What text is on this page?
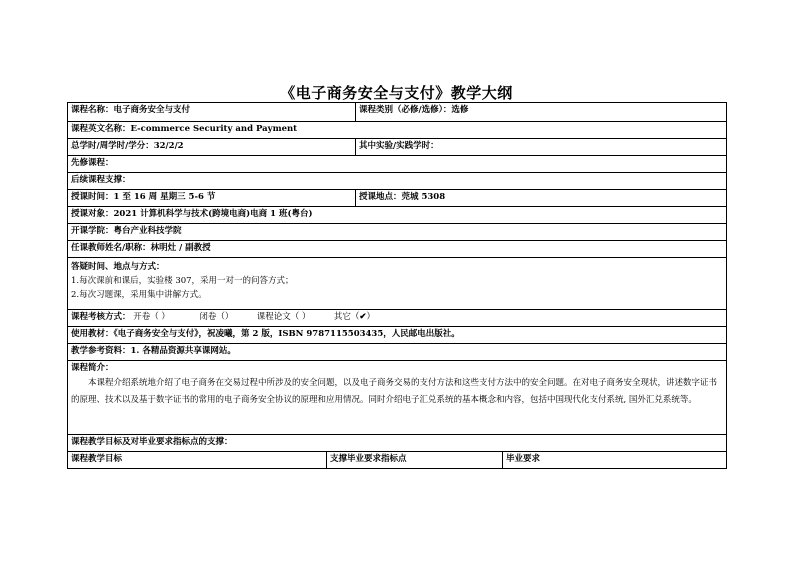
《电子商务安全与支付》教学大纲
课程名称：电子商务安全与支付	课程类别（必修/选修）：选修
课程英文名称：E-commerce Security and Payment
总学时/周学时/学分：32/2/2	其中实验/实践学时：
先修课程：
后续课程支撑：
授课时间：1 至 16 周 星期三 5-6 节	授课地点：莞城 5308
授课对象：2021 计算机科学与技术(跨境电商)电商 1 班(粤台)
开课学院：粤台产业科技学院
任课教师姓名/职称：林明灶 / 副教授
答疑时间、地点与方式：
1.每次课前和课后，实验楼 307，采用一对一的问答方式；
2.每次习题课，采用集中讲解方式。
课程考核方式： 开卷（ ）	闭卷（）	课程论文（ ）	其它（✔）
使用教材：《电子商务安全与支付》，祝凌曦，第 2 版，ISBN 9787115503435，人民邮电出版社。
教学参考资料：1. 各精品资源共享课网站。
课程简介：
本课程介绍系统地介绍了电子商务在交易过程中所涉及的安全问题，以及电子商务交易的支付方法和这些支付方法中的安全问题。在对电子商务安全现状，讲述数字证书的原理、技术以及基于数字证书的常用的电子商务安全协议的原理和应用情况。同时介绍电子汇兑系统的基本概念和内容，包括中国现代化支付系统, 国外汇兑系统等。
课程教学目标及对毕业要求指标点的支撑：
课程教学目标	支撑毕业要求指标点	毕业要求
